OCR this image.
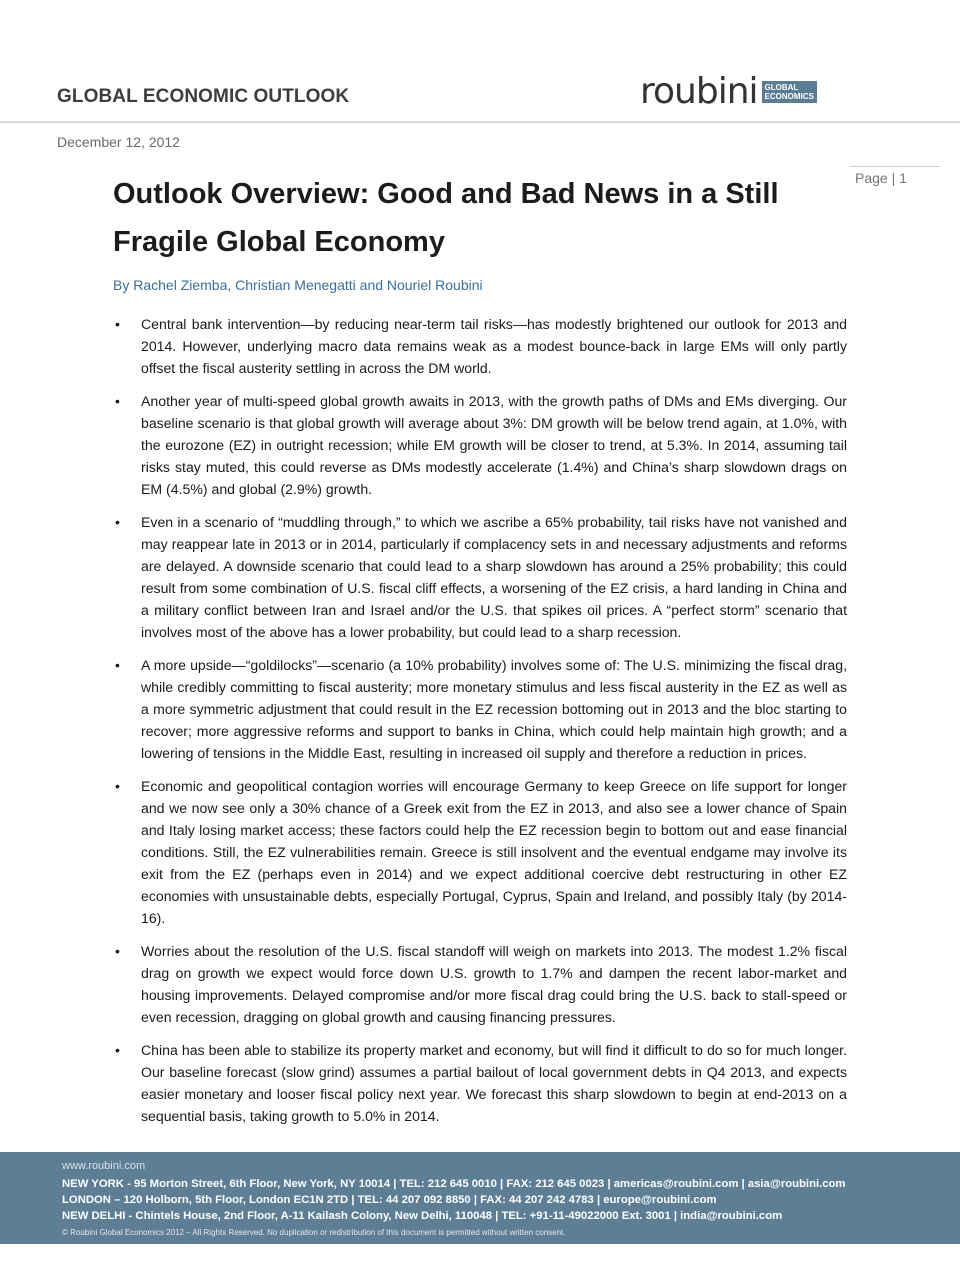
GLOBAL ECONOMIC OUTLOOK	roubini GLOBAL
ECONOMICS
December 12, 2012
Page | 1
Outlook Overview: Good and Bad News in a Still Fragile Global Economy
By Rachel Ziemba, Christian Menegatti and Nouriel Roubini
• Central bank intervention—by reducing near-term tail risks—has modestly brightened our outlook for 2013 and 2014. However, underlying macro data remains weak as a modest bounce-back in large EMs will only partly offset the fiscal austerity settling in across the DM world.
• Another year of multi-speed global growth awaits in 2013, with the growth paths of DMs and EMs diverging. Our baseline scenario is that global growth will average about 3%: DM growth will be below trend again, at 1.0%, with the eurozone (EZ) in outright recession; while EM growth will be closer to trend, at 5.3%. In 2014, assuming tail risks stay muted, this could reverse as DMs modestly accelerate (1.4%) and China’s sharp slowdown drags on EM (4.5%) and global (2.9%) growth.
• Even in a scenario of “muddling through,” to which we ascribe a 65% probability, tail risks have not vanished and may reappear late in 2013 or in 2014, particularly if complacency sets in and necessary adjustments and reforms are delayed. A downside scenario that could lead to a sharp slowdown has around a 25% probability; this could result from some combination of U.S. fiscal cliff effects, a worsening of the EZ crisis, a hard landing in China and a military conflict between Iran and Israel and/or the U.S. that spikes oil prices. A “perfect storm” scenario that involves most of the above has a lower probability, but could lead to a sharp recession.
• A more upside—“goldilocks”—scenario (a 10% probability) involves some of: The U.S. minimizing the fiscal drag, while credibly committing to fiscal austerity; more monetary stimulus and less fiscal austerity in the EZ as well as a more symmetric adjustment that could result in the EZ recession bottoming out in 2013 and the bloc starting to recover; more aggressive reforms and support to banks in China, which could help maintain high growth; and a lowering of tensions in the Middle East, resulting in increased oil supply and therefore a reduction in prices.
• Economic and geopolitical contagion worries will encourage Germany to keep Greece on life support for longer and we now see only a 30% chance of a Greek exit from the EZ in 2013, and also see a lower chance of Spain and Italy losing market access; these factors could help the EZ recession begin to bottom out and ease financial conditions. Still, the EZ vulnerabilities remain. Greece is still insolvent and the eventual endgame may involve its exit from the EZ (perhaps even in 2014) and we expect additional coercive debt restructuring in other EZ economies with unsustainable debts, especially Portugal, Cyprus, Spain and Ireland, and possibly Italy (by 2014-16).
• Worries about the resolution of the U.S. fiscal standoff will weigh on markets into 2013. The modest 1.2% fiscal drag on growth we expect would force down U.S. growth to 1.7% and dampen the recent labor-market and housing improvements. Delayed compromise and/or more fiscal drag could bring the U.S. back to stall-speed or even recession, dragging on global growth and causing financing pressures.
• China has been able to stabilize its property market and economy, but will find it difficult to do so for much longer. Our baseline forecast (slow grind) assumes a partial bailout of local government debts in Q4 2013, and expects easier monetary and looser fiscal policy next year. We forecast this sharp slowdown to begin at end-2013 on a sequential basis, taking growth to 5.0% in 2014.
www.roubini.com
NEW YORK - 95 Morton Street, 6th Floor, New York, NY 10014 | TEL: 212 645 0010 | FAX: 212 645 0023 | americas@roubini.com | asia@roubini.com
LONDON – 120 Holborn, 5th Floor, London EC1N 2TD | TEL: 44 207 092 8850 | FAX: 44 207 242 4783 | europe@roubini.com
NEW DELHI - Chintels House, 2nd Floor, A-11 Kailash Colony, New Delhi, 110048 | TEL: +91-11-49022000 Ext. 3001 | india@roubini.com
© Roubini Global Economics 2012 – All Rights Reserved. No duplication or redistribution of this document is permitted without written consent.
